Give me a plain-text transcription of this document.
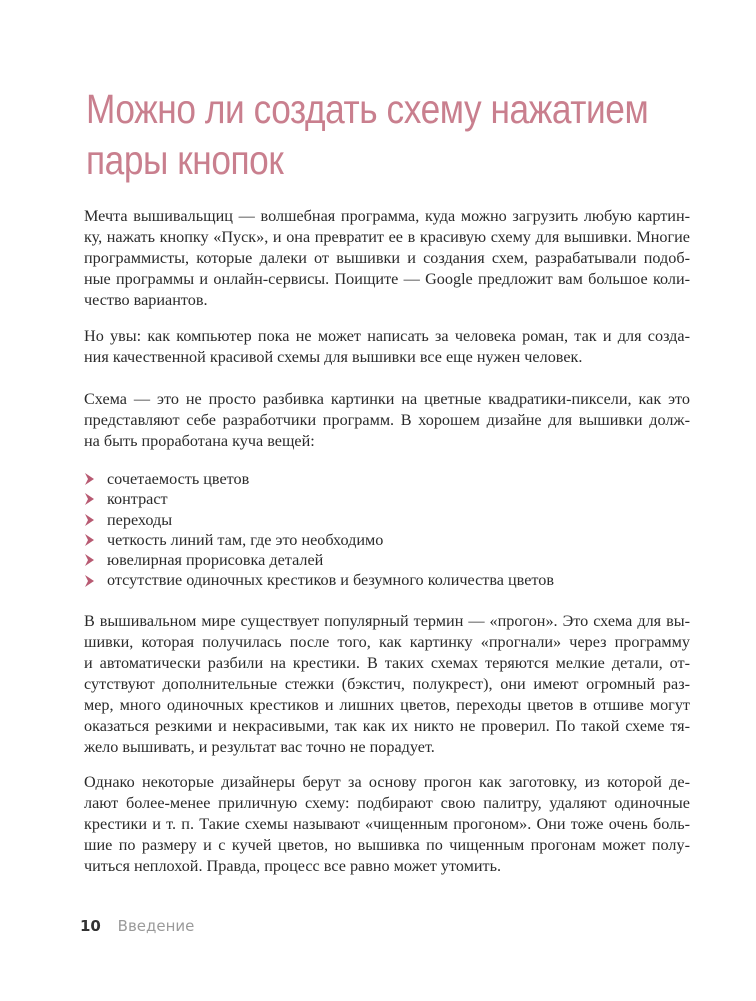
Можно ли создать схему нажатием
пары кнопок
Мечта вышивальщиц — волшебная программа, куда можно загрузить любую картин-
ку, нажать кнопку «Пуск», и она превратит ее в красивую схему для вышивки. Многие
программисты, которые далеки от вышивки и создания схем, разрабатывали подоб-
ные программы и онлайн-сервисы. Поищите — Google предложит вам большое коли-
чество вариантов.
Но увы: как компьютер пока не может написать за человека роман, так и для созда-
ния качественной красивой схемы для вышивки все еще нужен человек.
Схема — это не просто разбивка картинки на цветные квадратики-пиксели, как это
представляют себе разработчики программ. В хорошем дизайне для вышивки долж-
на быть проработана куча вещей:
сочетаемость цветов
контраст
переходы
четкость линий там, где это необходимо
ювелирная прорисовка деталей
отсутствие одиночных крестиков и безумного количества цветов
В вышивальном мире существует популярный термин — «прогон». Это схема для вы-
шивки, которая получилась после того, как картинку «прогнали» через программу
и автоматически разбили на крестики. В таких схемах теряются мелкие детали, от-
сутствуют дополнительные стежки (бэкстич, полукрест), они имеют огромный раз-
мер, много одиночных крестиков и лишних цветов, переходы цветов в отшиве могут
оказаться резкими и некрасивыми, так как их никто не проверил. По такой схеме тя-
жело вышивать, и результат вас точно не порадует.
Однако некоторые дизайнеры берут за основу прогон как заготовку, из которой де-
лают более-менее приличную схему: подбирают свою палитру, удаляют одиночные
крестики и т. п. Такие схемы называют «чищенным прогоном». Они тоже очень боль-
шие по размеру и с кучей цветов, но вышивка по чищенным прогонам может полу-
читься неплохой. Правда, процесс все равно может утомить.
10 Введение
